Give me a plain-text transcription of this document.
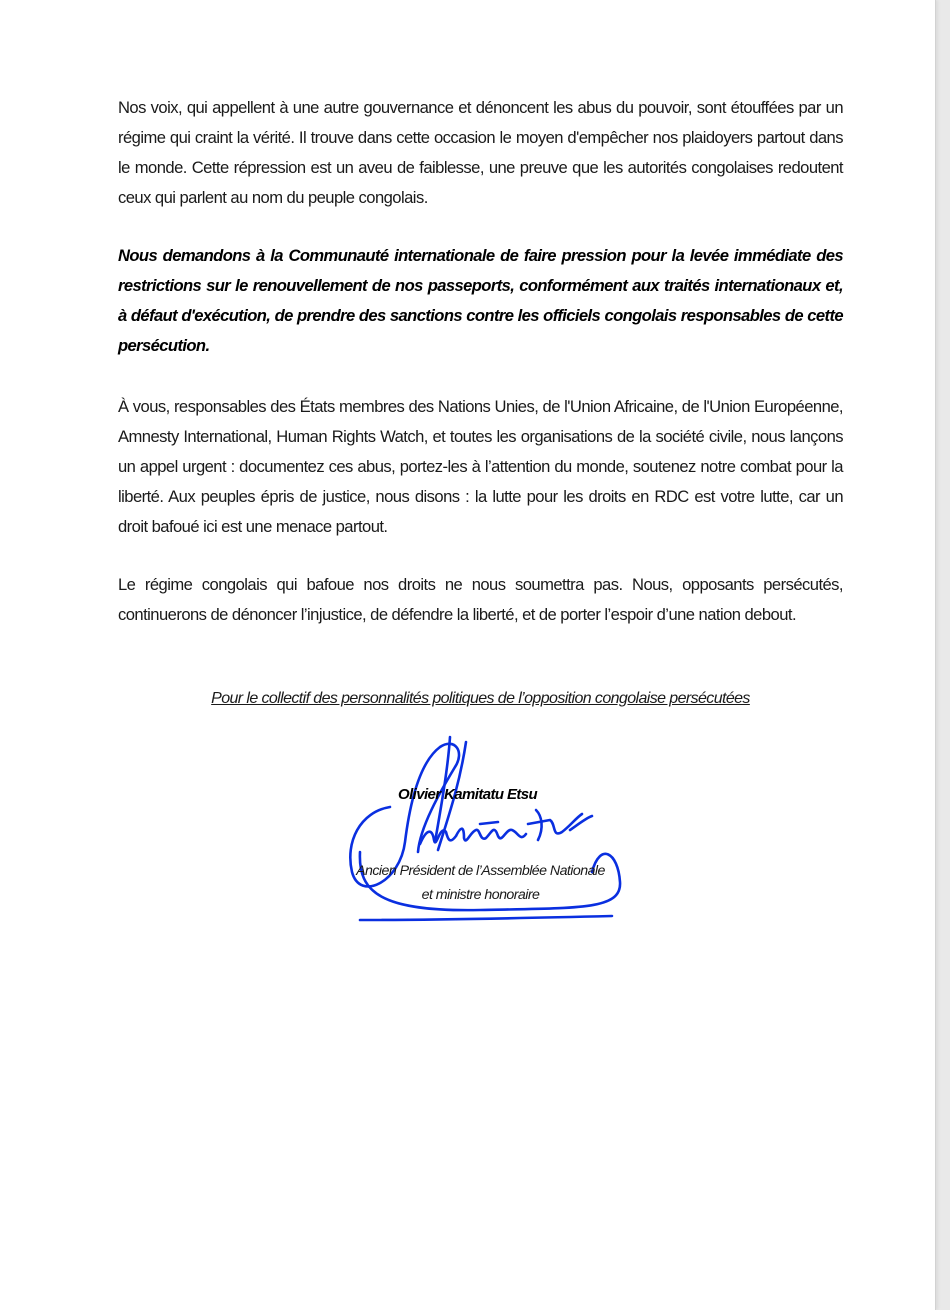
Nos voix, qui appellent à une autre gouvernance et dénoncent les abus du pouvoir, sont étouffées par un régime qui craint la vérité. Il trouve dans cette occasion le moyen d'empêcher nos plaidoyers partout dans le monde. Cette répression est un aveu de faiblesse, une preuve que les autorités congolaises redoutent ceux qui parlent au nom du peuple congolais.

Nous demandons à la Communauté internationale de faire pression pour la levée immédiate des restrictions sur le renouvellement de nos passeports, conformément aux traités internationaux et, à défaut d'exécution, de prendre des sanctions contre les officiels congolais responsables de cette persécution.

À vous, responsables des États membres des Nations Unies, de l'Union Africaine, de l'Union Européenne, Amnesty International, Human Rights Watch, et toutes les organisations de la société civile, nous lançons un appel urgent : documentez ces abus, portez-les à l’attention du monde, soutenez notre combat pour la liberté. Aux peuples épris de justice, nous disons : la lutte pour les droits en RDC est votre lutte, car un droit bafoué ici est une menace partout.

Le régime congolais qui bafoue nos droits ne nous soumettra pas. Nous, opposants persécutés, continuerons de dénoncer l’injustice, de défendre la liberté, et de porter l’espoir d’une nation debout.

Pour le collectif des personnalités politiques de l’opposition congolaise persécutées

Olivier Kamitatu Etsu

Ancien Président de l’Assemblée Nationale

et ministre honoraire
